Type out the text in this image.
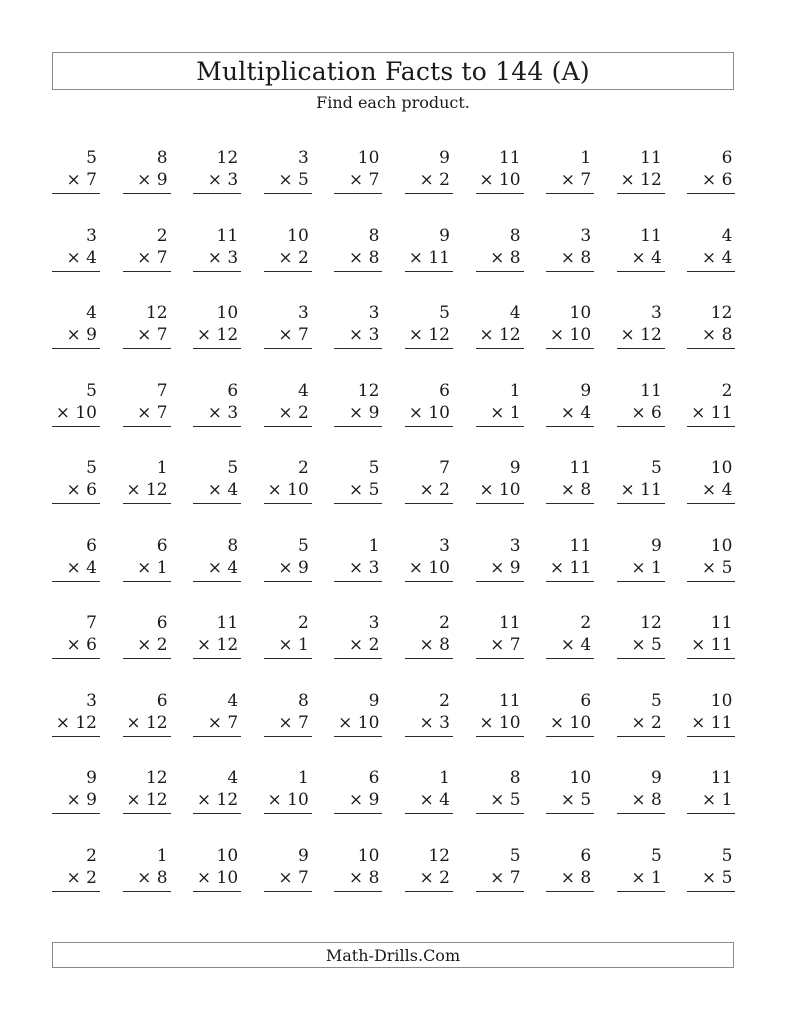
Multiplication Facts to 144 (A)
Find each product.
5
× 7
8
× 9
12
× 3
3
× 5
10
× 7
9
× 2
11
× 10
1
× 7
11
× 12
6
× 6
3
× 4
2
× 7
11
× 3
10
× 2
8
× 8
9
× 11
8
× 8
3
× 8
11
× 4
4
× 4
4
× 9
12
× 7
10
× 12
3
× 7
3
× 3
5
× 12
4
× 12
10
× 10
3
× 12
12
× 8
5
× 10
7
× 7
6
× 3
4
× 2
12
× 9
6
× 10
1
× 1
9
× 4
11
× 6
2
× 11
5
× 6
1
× 12
5
× 4
2
× 10
5
× 5
7
× 2
9
× 10
11
× 8
5
× 11
10
× 4
6
× 4
6
× 1
8
× 4
5
× 9
1
× 3
3
× 10
3
× 9
11
× 11
9
× 1
10
× 5
7
× 6
6
× 2
11
× 12
2
× 1
3
× 2
2
× 8
11
× 7
2
× 4
12
× 5
11
× 11
3
× 12
6
× 12
4
× 7
8
× 7
9
× 10
2
× 3
11
× 10
6
× 10
5
× 2
10
× 11
9
× 9
12
× 12
4
× 12
1
× 10
6
× 9
1
× 4
8
× 5
10
× 5
9
× 8
11
× 1
2
× 2
1
× 8
10
× 10
9
× 7
10
× 8
12
× 2
5
× 7
6
× 8
5
× 1
5
× 5
Math-Drills.Com
